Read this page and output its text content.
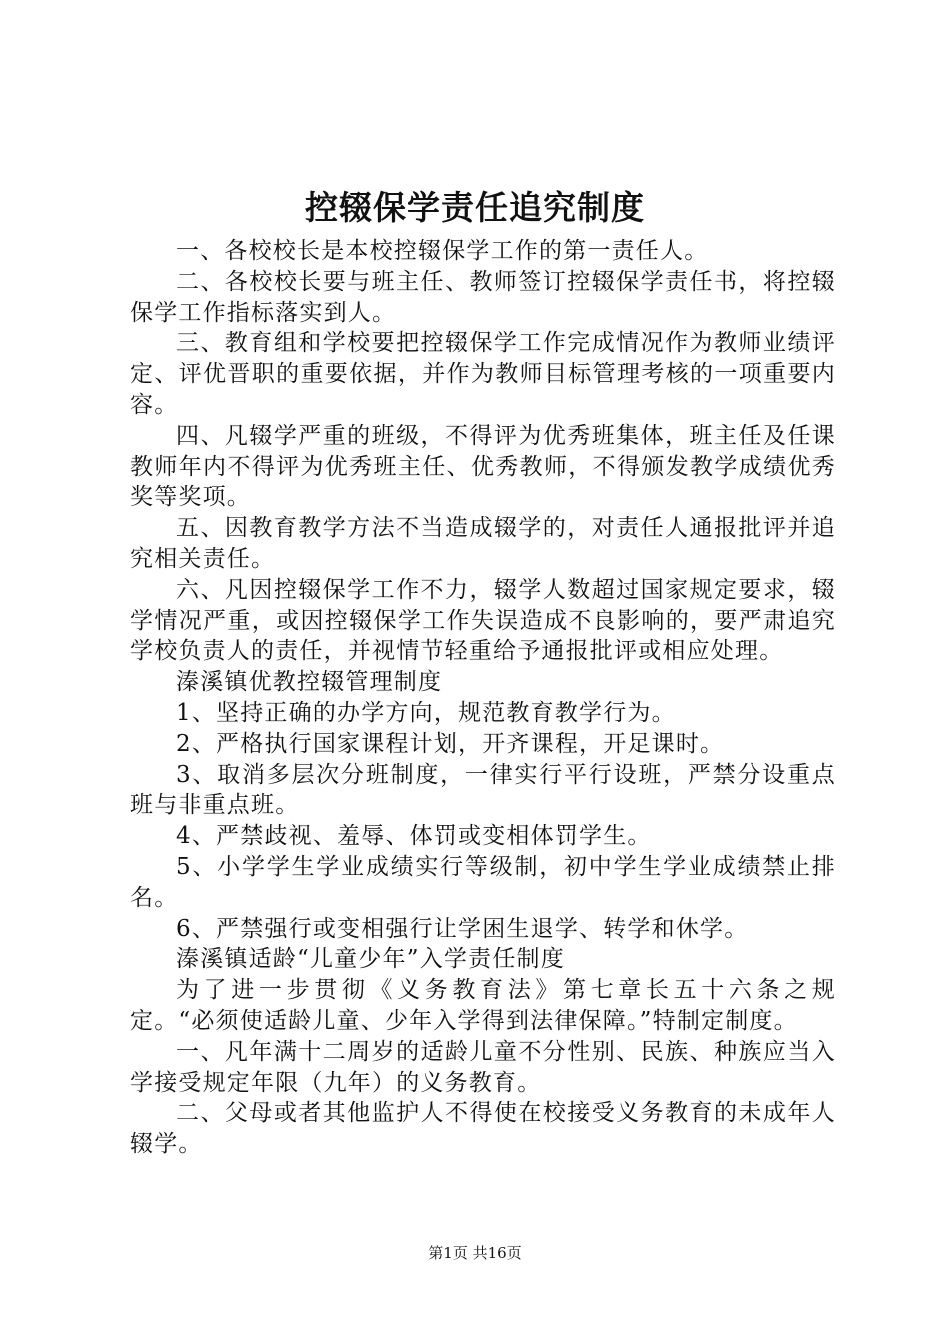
控辍保学责任追究制度

一、各校校长是本校控辍保学工作的第一责任人。

二、各校校长要与班主任、教师签订控辍保学责任书，将控辍保学工作指标落实到人。

三、教育组和学校要把控辍保学工作完成情况作为教师业绩评定、评优晋职的重要依据，并作为教师目标管理考核的一项重要内容。

四、凡辍学严重的班级，不得评为优秀班集体，班主任及任课教师年内不得评为优秀班主任、优秀教师，不得颁发教学成绩优秀奖等奖项。

五、因教育教学方法不当造成辍学的，对责任人通报批评并追究相关责任。

六、凡因控辍保学工作不力，辍学人数超过国家规定要求，辍学情况严重，或因控辍保学工作失误造成不良影响的，要严肃追究学校负责人的责任，并视情节轻重给予通报批评或相应处理。

溱溪镇优教控辍管理制度

1、坚持正确的办学方向，规范教育教学行为。

2、严格执行国家课程计划，开齐课程，开足课时。

3、取消多层次分班制度，一律实行平行设班，严禁分设重点班与非重点班。

4、严禁歧视、羞辱、体罚或变相体罚学生。

5、小学学生学业成绩实行等级制，初中学生学业成绩禁止排名。

6、严禁强行或变相强行让学困生退学、转学和休学。

溱溪镇适龄“儿童少年”入学责任制度

为了进一步贯彻《义务教育法》第七章长五十六条之规定。“必须使适龄儿童、少年入学得到法律保障。”特制定制度。

一、凡年满十二周岁的适龄儿童不分性别、民族、种族应当入学接受规定年限（九年）的义务教育。

二、父母或者其他监护人不得使在校接受义务教育的未成年人辍学。

第1页 共16页
